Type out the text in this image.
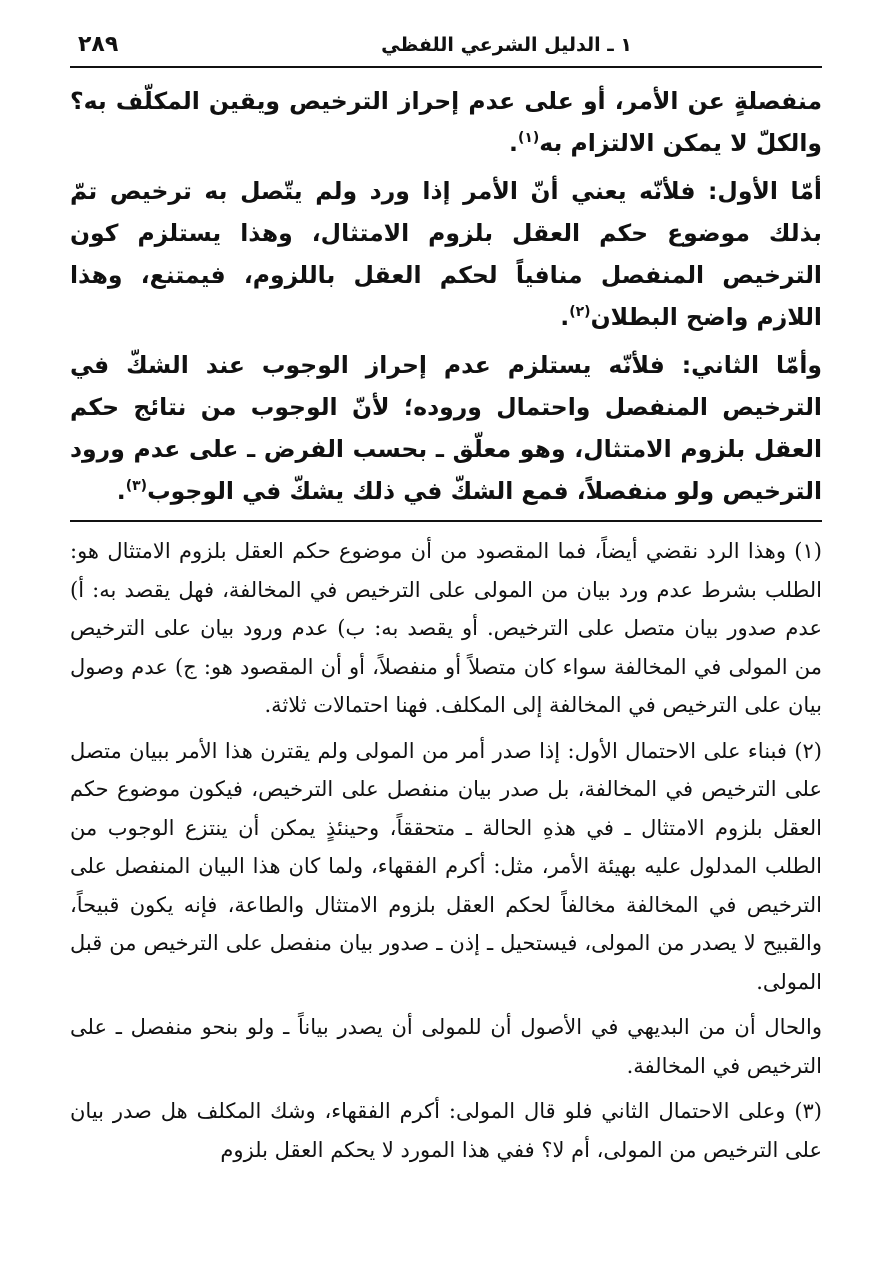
١ ـ الدليل الشرعي اللفظي
٢٨٩

منفصلةٍ عن الأمر، أو على عدم إحراز الترخيص ويقين المكلّف به؟ والكلّ لا يمكن الالتزام به$^{(١)}$.

أمّا الأول: فلأنّه يعني أنّ الأمر إذا ورد ولم يتّصل به ترخيص تمّ بذلك موضوع حكم العقل بلزوم الامتثال، وهذا يستلزم كون الترخيص المنفصل منافياً لحكم العقل باللزوم، فيمتنع، وهذا اللازم واضح البطلان$^{(٢)}$.

وأمّا الثاني: فلأنّه يستلزم عدم إحراز الوجوب عند الشكّ في الترخيص المنفصل واحتمال وروده؛ لأنّ الوجوب من نتائج حكم العقل بلزوم الامتثال، وهو معلّق ـ بحسب الفرض ـ على عدم ورود الترخيص ولو منفصلاً، فمع الشكّ في ذلك يشكّ في الوجوب$^{(٣)}$.

(١) وهذا الرد نقضي أيضاً، فما المقصود من أن موضوع حكم العقل بلزوم الامتثال هو: الطلب بشرط عدم ورد بيان من المولى على الترخيص في المخالفة، فهل يقصد به: أ) عدم صدور بيان متصل على الترخيص. أو يقصد به: ب) عدم ورود بيان على الترخيص من المولى في المخالفة سواء كان متصلاً أو منفصلاً، أو أن المقصود هو: ج) عدم وصول بيان على الترخيص في المخالفة إلى المكلف. فهنا احتمالات ثلاثة.

(٢) فبناء على الاحتمال الأول: إذا صدر أمر من المولى ولم يقترن هذا الأمر ببيان متصل على الترخيص في المخالفة، بل صدر بيان منفصل على الترخيص، فيكون موضوع حكم العقل بلزوم الامتثال ـ في هذهِ الحالة ـ متحققاً، وحينئذٍ يمكن أن ينتزع الوجوب من الطلب المدلول عليه بهيئة الأمر، مثل: أكرم الفقهاء، ولما كان هذا البيان المنفصل على الترخيص في المخالفة مخالفاً لحكم العقل بلزوم الامتثال والطاعة، فإنه يكون قبيحاً، والقبيح لا يصدر من المولى، فيستحيل ـ إذن ـ صدور بيان منفصل على الترخيص من قبل المولى.

والحال أن من البديهي في الأصول أن للمولى أن يصدر بياناً ـ ولو بنحو منفصل ـ على الترخيص في المخالفة.

(٣) وعلى الاحتمال الثاني فلو قال المولى: أكرم الفقهاء، وشك المكلف هل صدر بيان على الترخيص من المولى، أم لا؟ ففي هذا المورد لا يحكم العقل بلزوم
